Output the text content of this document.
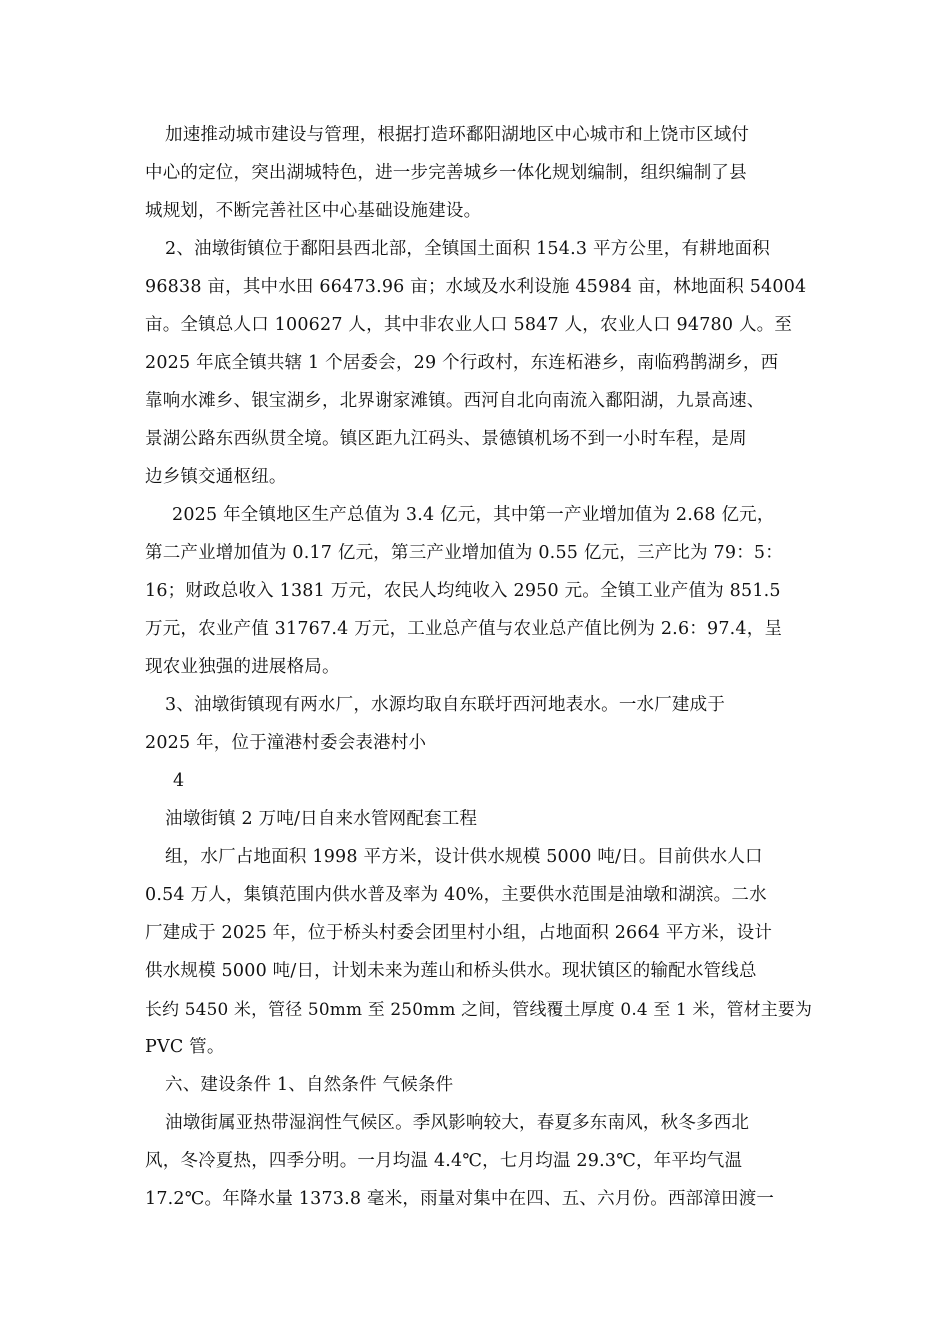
加速推动城市建设与管理，根据打造环鄱阳湖地区中心城市和上饶市区域付
中心的定位，突出湖城特色，进一步完善城乡一体化规划编制，组织编制了县
城规划，不断完善社区中心基础设施建设。
2、油墩街镇位于鄱阳县西北部，全镇国土面积 154.3 平方公里，有耕地面积
96838 亩，其中水田 66473.96 亩；水域及水利设施 45984 亩，林地面积 54004
亩。全镇总人口 100627 人，其中非农业人口 5847 人，农业人口 94780 人。至
2025 年底全镇共辖 1 个居委会，29 个行政村，东连柘港乡，南临鸦鹊湖乡，西
靠响水滩乡、银宝湖乡，北界谢家滩镇。西河自北向南流入鄱阳湖，九景高速、
景湖公路东西纵贯全境。镇区距九江码头、景德镇机场不到一小时车程，是周
边乡镇交通枢纽。
2025 年全镇地区生产总值为 3.4 亿元，其中第一产业增加值为 2.68 亿元，
第二产业增加值为 0.17 亿元，第三产业增加值为 0.55 亿元，三产比为 79：5：
16；财政总收入 1381 万元，农民人均纯收入 2950 元。全镇工业产值为 851.5
万元，农业产值 31767.4 万元，工业总产值与农业总产值比例为 2.6：97.4，呈
现农业独强的进展格局。
3、油墩街镇现有两水厂，水源均取自东联圩西河地表水。一水厂建成于
2025 年，位于潼港村委会表港村小
4
油墩街镇 2 万吨/日自来水管网配套工程
组，水厂占地面积 1998 平方米，设计供水规模 5000 吨/日。目前供水人口
0.54 万人，集镇范围内供水普及率为 40%，主要供水范围是油墩和湖滨。二水
厂建成于 2025 年，位于桥头村委会团里村小组，占地面积 2664 平方米，设计
供水规模 5000 吨/日，计划未来为莲山和桥头供水。现状镇区的输配水管线总
长约 5450 米，管径 50mm 至 250mm 之间，管线覆土厚度 0.4 至 1 米，管材主要为
PVC 管。
六、建设条件 1、自然条件 气候条件
油墩街属亚热带湿润性气候区。季风影响较大，春夏多东南风，秋冬多西北
风，冬冷夏热，四季分明。一月均温 4.4℃，七月均温 29.3℃，年平均气温
17.2℃。年降水量 1373.8 毫米，雨量对集中在四、五、六月份。西部漳田渡一
